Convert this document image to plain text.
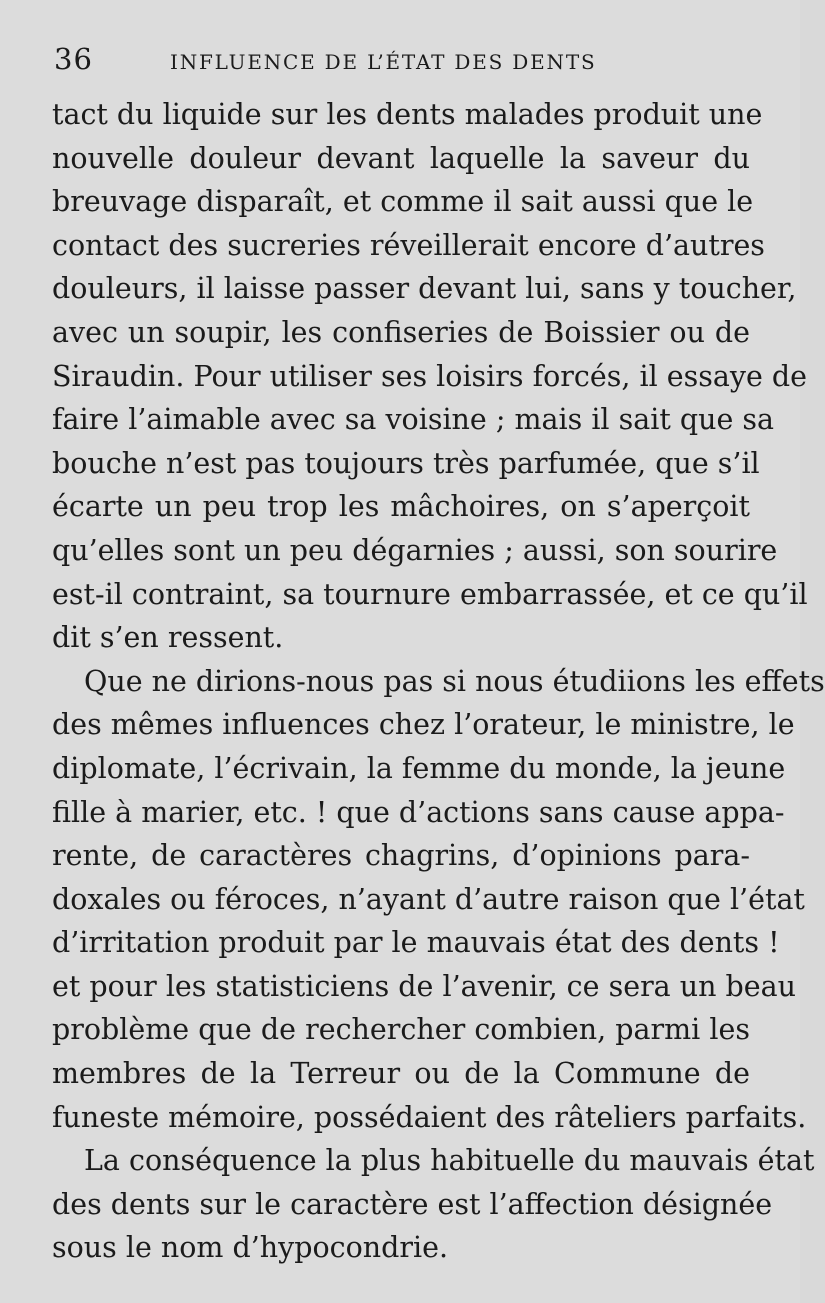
36	INFLUENCE DE L’ÉTAT DES DENTS
tact du liquide sur les dents malades produit une
nouvelle douleur devant laquelle la saveur du
breuvage disparaît, et comme il sait aussi que le
contact des sucreries réveillerait encore d’autres
douleurs, il laisse passer devant lui, sans y toucher,
avec un soupir, les confiseries de Boissier ou de
Siraudin. Pour utiliser ses loisirs forcés, il essaye de
faire l’aimable avec sa voisine ; mais il sait que sa
bouche n’est pas toujours très parfumée, que s’il
écarte un peu trop les mâchoires, on s’aperçoit
qu’elles sont un peu dégarnies ; aussi, son sourire
est-il contraint, sa tournure embarrassée, et ce qu’il
dit s’en ressent.
Que ne dirions-nous pas si nous étudiions les effets
des mêmes influences chez l’orateur, le ministre, le
diplomate, l’écrivain, la femme du monde, la jeune
fille à marier, etc. ! que d’actions sans cause appa-
rente, de caractères chagrins, d’opinions para-
doxales ou féroces, n’ayant d’autre raison que l’état
d’irritation produit par le mauvais état des dents !
et pour les statisticiens de l’avenir, ce sera un beau
problème que de rechercher combien, parmi les
membres de la Terreur ou de la Commune de
funeste mémoire, possédaient des râteliers parfaits.
La conséquence la plus habituelle du mauvais état
des dents sur le caractère est l’affection désignée
sous le nom d’hypocondrie.
